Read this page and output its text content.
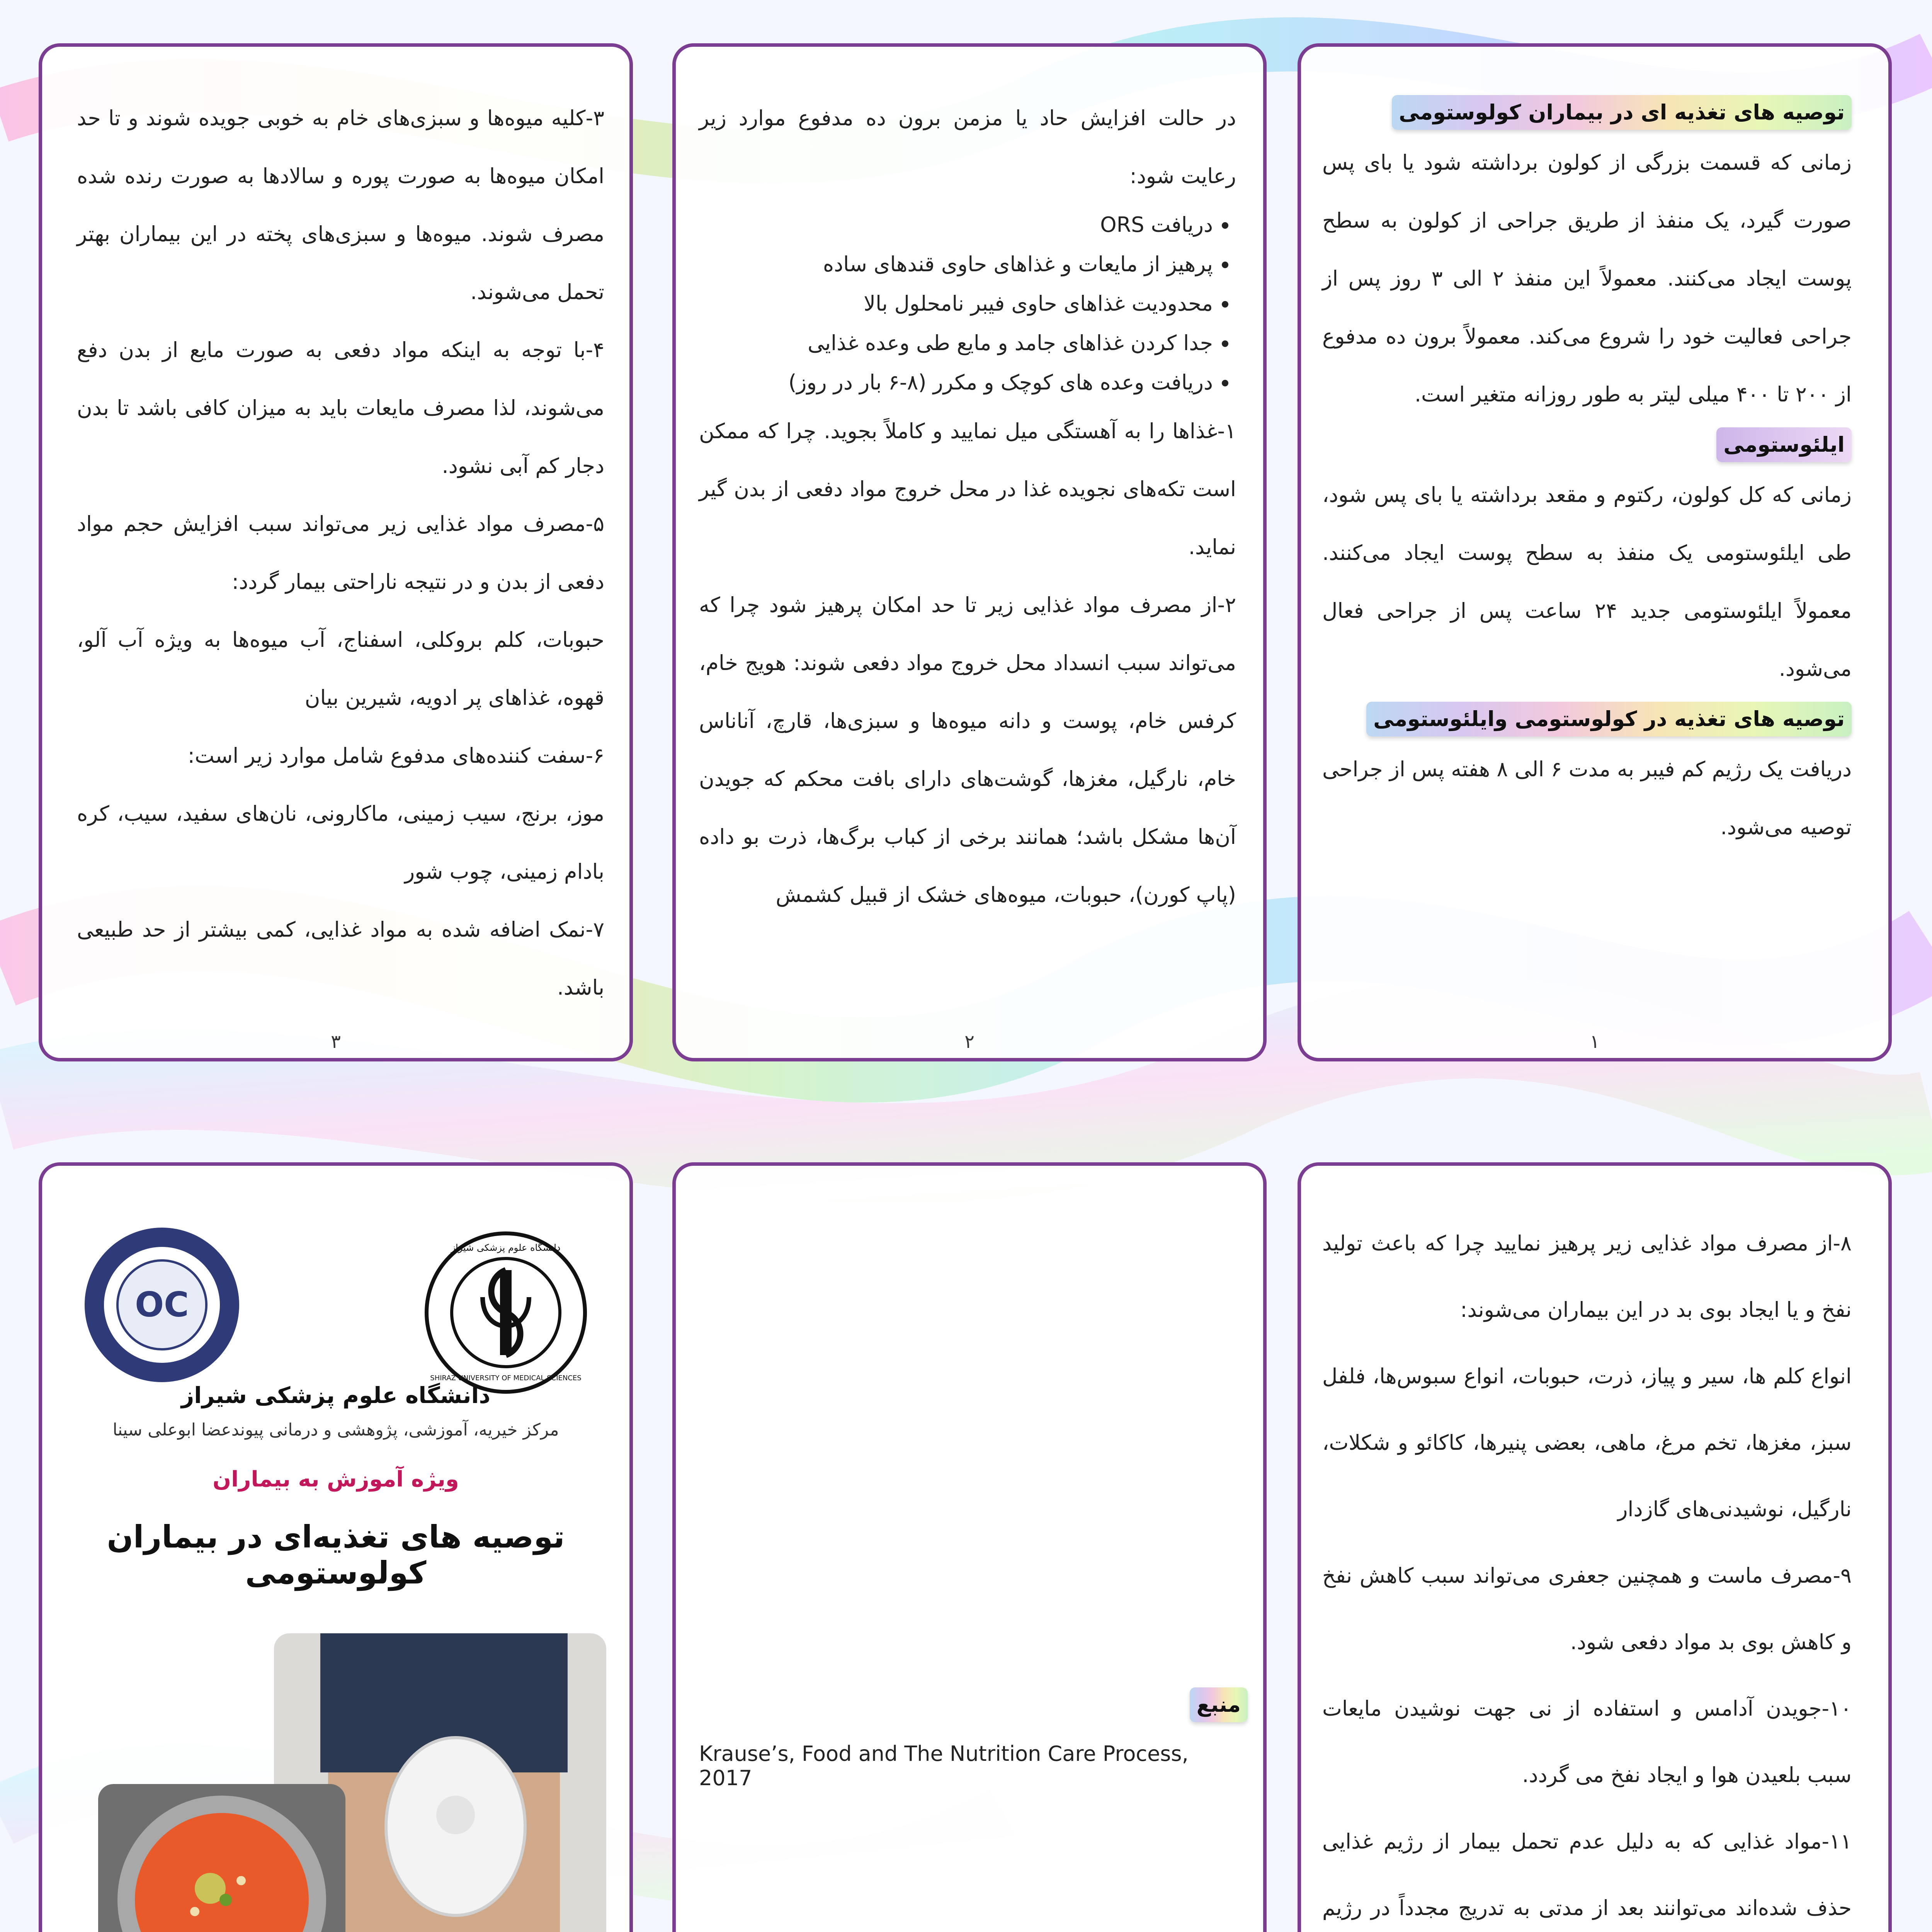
توصیه های تغذیه ای در بیماران کولوستومی

زمانی که قسمت بزرگی از کولون برداشته شود یا بای پس صورت گیرد، یک منفذ از طریق جراحی از کولون به سطح پوست ایجاد می‌کنند. معمولاً این منفذ ۲ الی ۳ روز پس از جراحی فعالیت خود را شروع می‌کند. معمولاً برون ده مدفوع از ۲۰۰ تا ۴۰۰ میلی لیتر به طور روزانه متغیر است.

ایلئوستومی

زمانی که کل کولون، رکتوم و مقعد برداشته یا بای پس شود، طی ایلئوستومی یک منفذ به سطح پوست ایجاد می‌کنند. معمولاً ایلئوستومی جدید ۲۴ ساعت پس از جراحی فعال می‌شود.

توصیه های تغذیه در کولوستومی وایلئوستومی

دریافت یک رژیم کم فیبر به مدت ۶ الی ۸ هفته پس از جراحی توصیه می‌شود.

۱

در حالت افزایش حاد یا مزمن برون ده مدفوع موارد زیر رعایت شود:

• دریافت ORS
• پرهیز از مایعات و غذاهای حاوی قندهای ساده
• محدودیت غذاهای حاوی فیبر نامحلول بالا
• جدا کردن غذاهای جامد و مایع طی وعده غذایی
• دریافت وعده های کوچک و مکرر (۸-۶ بار در روز)

۱-غذاها را به آهستگی میل نمایید و کاملاً بجوید. چرا که ممکن است تکه‌های نجویده غذا در محل خروج مواد دفعی از بدن گیر نماید.

۲-از مصرف مواد غذایی زیر تا حد امکان پرهیز شود چرا که می‌تواند سبب انسداد محل خروج مواد دفعی شوند: هویج خام، کرفس خام، پوست و دانه میوه‌ها و سبزی‌ها، قارچ، آناناس خام، نارگیل، مغزها، گوشت‌های دارای بافت محکم که جویدن آن‌ها مشکل باشد؛ همانند برخی از کباب برگ‌ها، ذرت بو داده (پاپ کورن)، حبوبات، میوه‌های خشک از قبیل کشمش

۲

۳-کلیه میوه‌ها و سبزی‌های خام به خوبی جویده شوند و تا حد امکان میوه‌ها به صورت پوره و سالادها به صورت رنده شده مصرف شوند. میوه‌ها و سبزی‌های پخته در این بیماران بهتر تحمل می‌شوند.

۴-با توجه به اینکه مواد دفعی به صورت مایع از بدن دفع می‌شوند، لذا مصرف مایعات باید به میزان کافی باشد تا بدن دجار کم آبی نشود.

۵-مصرف مواد غذایی زیر می‌تواند سبب افزایش حجم مواد دفعی از بدن و در نتیجه ناراحتی بیمار گردد:

حبوبات، کلم بروکلی، اسفناج، آب میوه‌ها به ویژه آب آلو، قهوه، غذاهای پر ادویه، شیرین بیان

۶-سفت کننده‌های مدفوع شامل موارد زیر است:

موز، برنج، سیب زمینی، ماکارونی، نان‌های سفید، سیب، کره بادام زمینی، چوب شور

۷-نمک اضافه شده به مواد غذایی، کمی بیشتر از حد طبیعی باشد.

۳

۸-از مصرف مواد غذایی زیر پرهیز نمایید چرا که باعث تولید نفخ و یا ایجاد بوی بد در این بیماران می‌شوند:

انواع کلم ها، سیر و پیاز، ذرت، حبوبات، انواع سبوس‌ها، فلفل سبز، مغزها، تخم مرغ، ماهی، بعضی پنیرها، کاکائو و شکلات، نارگیل، نوشیدنی‌های گازدار

۹-مصرف ماست و همچنین جعفری می‌تواند سبب کاهش نفخ و کاهش بوی بد مواد دفعی شود.

۱۰-جویدن آدامس و استفاده از نی جهت نوشیدن مایعات سبب بلعیدن هوا و ایجاد نفخ می گردد.

۱۱-مواد غذایی که به دلیل عدم تحمل بیمار از رژیم غذایی حذف شده‌اند می‌توانند بعد از مدتی به تدریج مجدداً در رژیم

منبع
Krause’s, Food and The Nutrition Care Process, 2017
OC
دانشگاه علوم پزشکی شیراز
SHIRAZ UNIVERSITY OF MEDICAL SCIENCES
دانشگاه علوم پزشکی شیراز
مرکز خیریه، آموزشی، پژوهشی و درمانی پیوندعضا ابوعلی سینا
ویژه آموزش به بیماران
توصیه های تغذیه‌ای در بیماران کولوستومی
